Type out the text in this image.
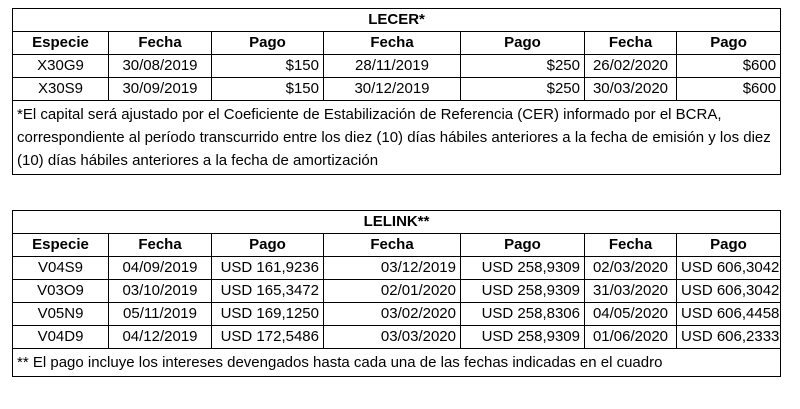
LECER*						
Especie	Fecha	Pago	Fecha	Pago	Fecha	Pago
X30G9	30/08/2019	$150	28/11/2019	$250	26/02/2020	$600
X30S9	30/09/2019	$150	30/12/2019	$250	30/03/2020	$600
*El capital será ajustado por el Coeficiente de Estabilización de Referencia (CER) informado por el BCRA, correspondiente al período transcurrido entre los diez (10) días hábiles anteriores a la fecha de emisión y los diez (10) días hábiles anteriores a la fecha de amortización						
LELINK**						
Especie	Fecha	Pago	Fecha	Pago	Fecha	Pago
V04S9	04/09/2019	USD 161,9236	03/12/2019	USD 258,9309	02/03/2020	USD 606,3042
V03O9	03/10/2019	USD 165,3472	02/01/2020	USD 258,9309	31/03/2020	USD 606,3042
V05N9	05/11/2019	USD 169,1250	03/02/2020	USD 258,8306	04/05/2020	USD 606,4458
V04D9	04/12/2019	USD 172,5486	03/03/2020	USD 258,9309	01/06/2020	USD 606,2333
** El pago incluye los intereses devengados hasta cada una de las fechas indicadas en el cuadro						
